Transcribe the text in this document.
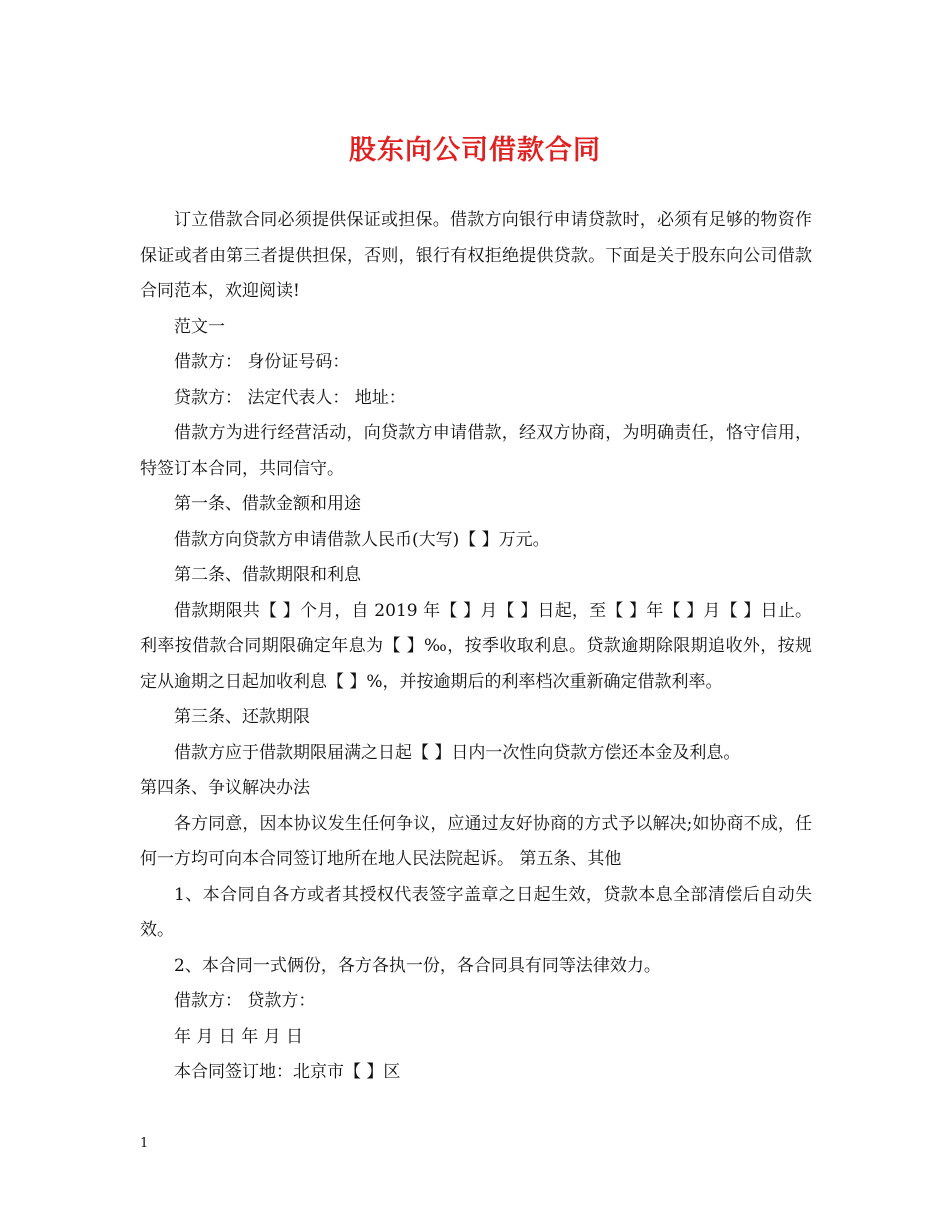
股东向公司借款合同

订立借款合同必须提供保证或担保。借款方向银行申请贷款时，必须有足够的物资作保证或者由第三者提供担保，否则，银行有权拒绝提供贷款。下面是关于股东向公司借款合同范本，欢迎阅读!

范文一

借款方： 身份证号码：

贷款方： 法定代表人： 地址：

借款方为进行经营活动，向贷款方申请借款，经双方协商，为明确责任，恪守信用，特签订本合同，共同信守。

第一条、借款金额和用途

借款方向贷款方申请借款人民币(大写)【 】万元。

第二条、借款期限和利息

借款期限共【 】个月，自 2019 年【 】月【 】日起，至【 】年【 】月【 】日止。利率按借款合同期限确定年息为【 】‰，按季收取利息。贷款逾期除限期追收外，按规定从逾期之日起加收利息【 】%，并按逾期后的利率档次重新确定借款利率。

第三条、还款期限

借款方应于借款期限届满之日起【 】日内一次性向贷款方偿还本金及利息。

第四条、争议解决办法

各方同意，因本协议发生任何争议，应通过友好协商的方式予以解决;如协商不成，任何一方均可向本合同签订地所在地人民法院起诉。 第五条、其他

1、本合同自各方或者其授权代表签字盖章之日起生效，贷款本息全部清偿后自动失效。

2、本合同一式俩份，各方各执一份，各合同具有同等法律效力。

借款方： 贷款方：

年 月 日 年 月 日

本合同签订地：北京市【 】区

1
